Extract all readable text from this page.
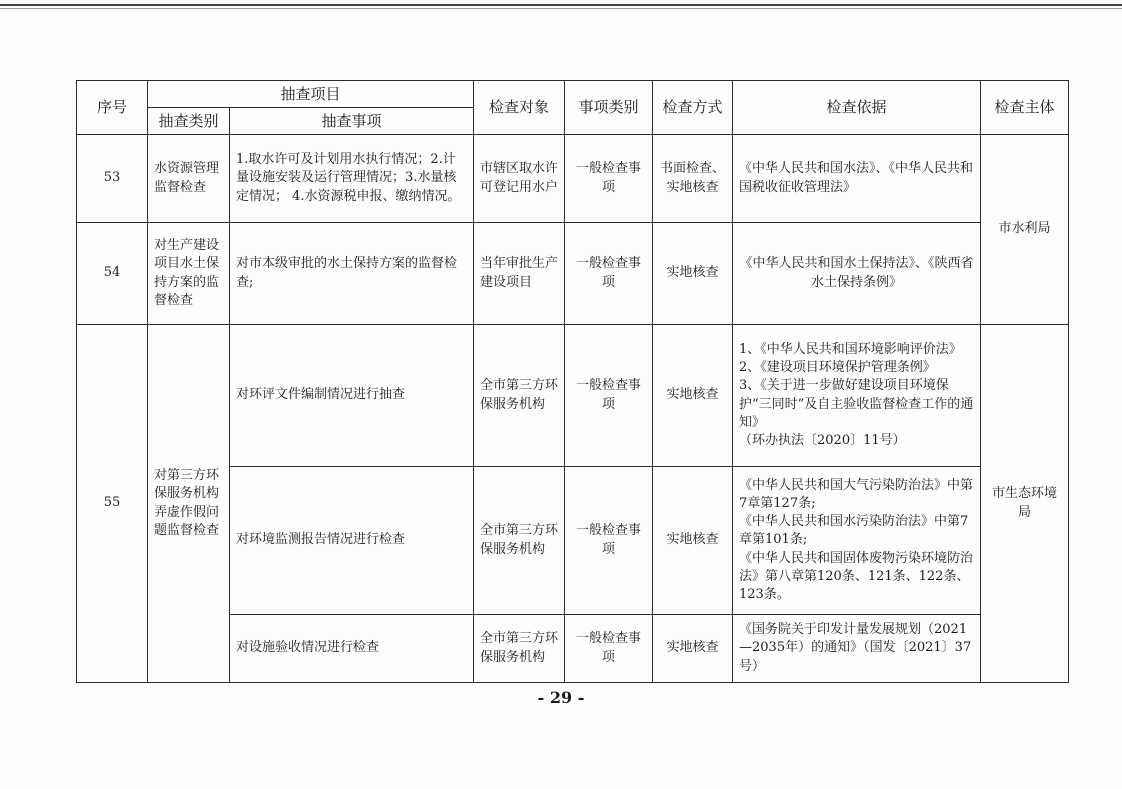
序号	抽查项目		检查对象	事项类别	检查方式	检查依据	检查主体
	抽查类别	抽查事项					
53	水资源管理监督检查	1.取水许可及计划用水执行情况；2.计量设施安装及运行管理情况；3.水量核定情况； 4.水资源税申报、缴纳情况。	市辖区取水许可登记用水户	一般检查事项	书面检查、实地核查	《中华人民共和国水法》、《中华人民共和国税收征收管理法》	市水利局
54	对生产建设项目水土保持方案的监督检查	对市本级审批的水土保持方案的监督检查;	当年审批生产建设项目	一般检查事项	实地核查	《中华人民共和国水土保持法》、《陕西省水土保持条例》	
55	对第三方环保服务机构弄虚作假问题监督检查	对环评文件编制情况进行抽查	全市第三方环保服务机构	一般检查事项	实地核查	1、《中华人民共和国环境影响评价法》
2、《建设项目环境保护管理条例》
3、《关于进一步做好建设项目环境保护“三同时”及自主验收监督检查工作的通知》
（环办执法〔2020〕11号）	市生态环境局
		对环境监测报告情况进行检查	全市第三方环保服务机构	一般检查事项	实地核查	《中华人民共和国大气污染防治法》中第7章第127条;
《中华人民共和国水污染防治法》中第7章第101条;
《中华人民共和国固体废物污染环境防治法》第八章第120条、121条、122条、123条。	
		对设施验收情况进行检查	全市第三方环保服务机构	一般检查事项	实地核查	《国务院关于印发计量发展规划（2021—2035年）的通知》（国发〔2021〕37号）	
- 29 -
